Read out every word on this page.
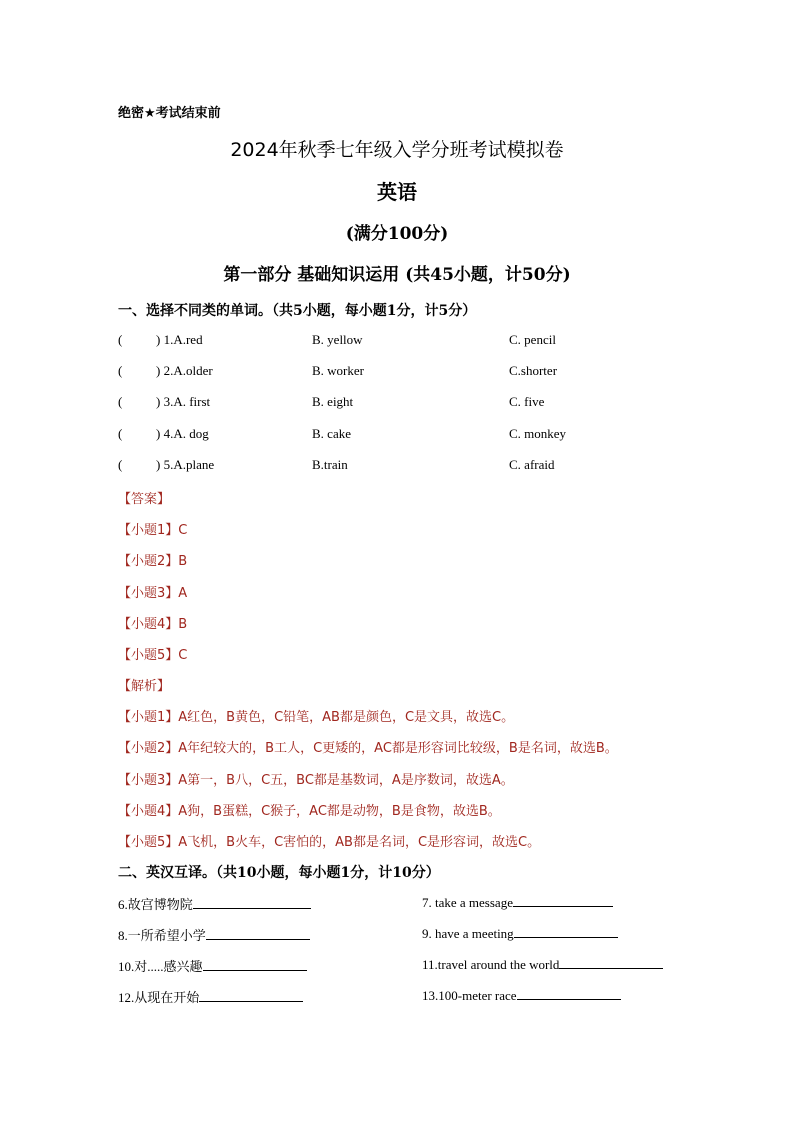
绝密★考试结束前
2024年秋季七年级入学分班考试模拟卷
英语
(满分100分)
第一部分 基础知识运用 (共45小题，计50分)
一、选择不同类的单词。（共5小题，每小题1分，计5分）
(	) 1.A.red	B. yellow	C. pencil
(	) 2.A.older	B. worker	C.shorter
(	) 3.A. first	B. eight	C. five
(	) 4.A. dog	B. cake	C. monkey
(	) 5.A.plane	B.train	C. afraid
【答案】
【小题1】C
【小题2】B
【小题3】A
【小题4】B
【小题5】C
【解析】
【小题1】A红色，B黄色，C铅笔，AB都是颜色，C是文具，故选C。
【小题2】A年纪较大的，B工人，C更矮的，AC都是形容词比较级，B是名词，故选B。
【小题3】A第一，B八，C五，BC都是基数词，A是序数词，故选A。
【小题4】A狗，B蛋糕，C猴子，AC都是动物，B是食物，故选B。
【小题5】A飞机，B火车，C害怕的，AB都是名词，C是形容词，故选C。
二、英汉互译。（共10小题，每小题1分，计10分）
6.故宫博物院	7. take a message
8.一所希望小学	9. have a meeting
10.对.....感兴趣	11.travel around the world
12.从现在开始	13.100-meter race
